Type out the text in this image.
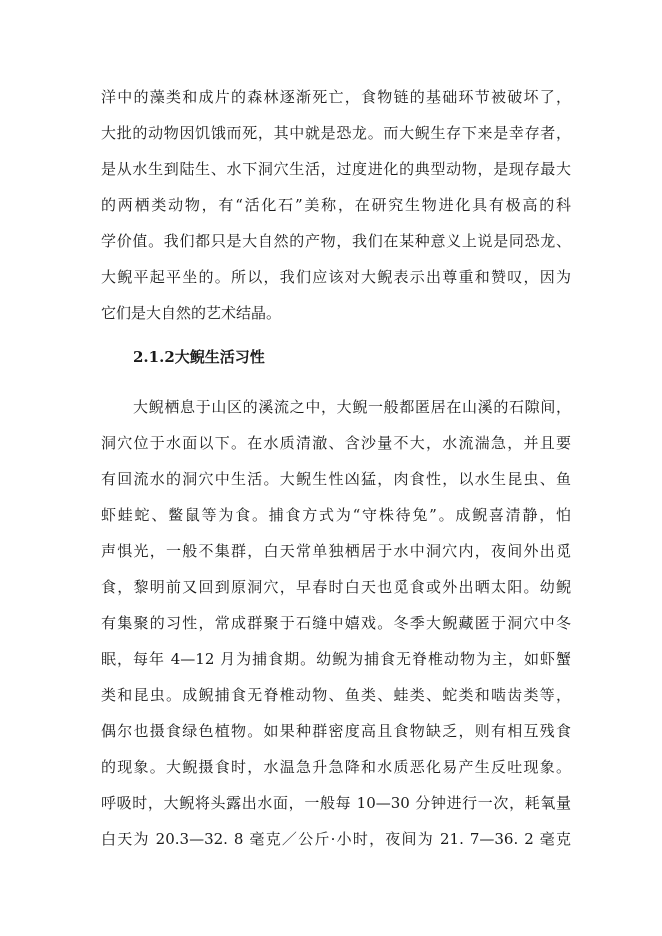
洋中的藻类和成片的森林逐渐死亡，食物链的基础环节被破坏了，
大批的动物因饥饿而死，其中就是恐龙。而大鲵生存下来是幸存者，
是从水生到陆生、水下洞穴生活，过度进化的典型动物，是现存最大
的两栖类动物，有“活化石”美称，在研究生物进化具有极高的科
学价值。我们都只是大自然的产物，我们在某种意义上说是同恐龙、
大鲵平起平坐的。所以，我们应该对大鲵表示出尊重和赞叹，因为
它们是大自然的艺术结晶。
2.1.2大鲵生活习性
大鲵栖息于山区的溪流之中，大鲵一般都匿居在山溪的石隙间，
洞穴位于水面以下。在水质清澈、含沙量不大，水流湍急，并且要
有回流水的洞穴中生活。大鲵生性凶猛，肉食性，以水生昆虫、鱼
虾蛙蛇、鳖鼠等为食。捕食方式为“守株待兔”。成鲵喜清静，怕
声惧光，一般不集群，白天常单独栖居于水中洞穴内，夜间外出觅
食，黎明前又回到原洞穴，早春时白天也觅食或外出晒太阳。幼鲵
有集聚的习性，常成群聚于石缝中嬉戏。冬季大鲵藏匿于洞穴中冬
眠，每年 4—12 月为捕食期。幼鲵为捕食无脊椎动物为主，如虾蟹
类和昆虫。成鲵捕食无脊椎动物、鱼类、蛙类、蛇类和啮齿类等，
偶尔也摄食绿色植物。如果种群密度高且食物缺乏，则有相互残食
的现象。大鲵摄食时，水温急升急降和水质恶化易产生反吐现象。
呼吸时，大鲵将头露出水面，一般每 10—30 分钟进行一次，耗氧量
白天为 20.3—32. 8 毫克／公斤·小时，夜间为 21. 7—36. 2 毫克
